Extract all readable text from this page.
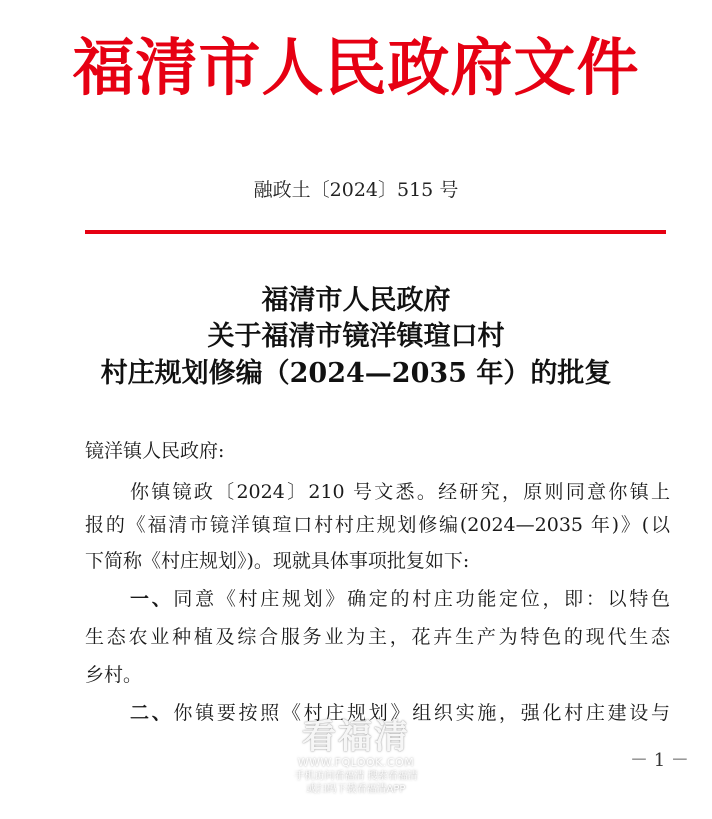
福清市人民政府文件
融政土〔2024〕515 号
福清市人民政府
关于福清市镜洋镇瑄口村
村庄规划修编（2024—2035 年）的批复
镜洋镇人民政府:
你镇镜政〔2024〕210 号文悉。经研究，原则同意你镇上
报的《福清市镜洋镇瑄口村村庄规划修编(2024—2035 年)》(以
下简称《村庄规划》)。现就具体事项批复如下:
一、同意《村庄规划》确定的村庄功能定位，即：以特色
生态农业种植及综合服务业为主，花卉生产为特色的现代生态
乡村。
二、你镇要按照《村庄规划》组织实施，强化村庄建设与
－ 1 －
看福清
WWW.FQLOOK.COM
手机访问看福清 搜索看福清
或扫码下载看福清APP
